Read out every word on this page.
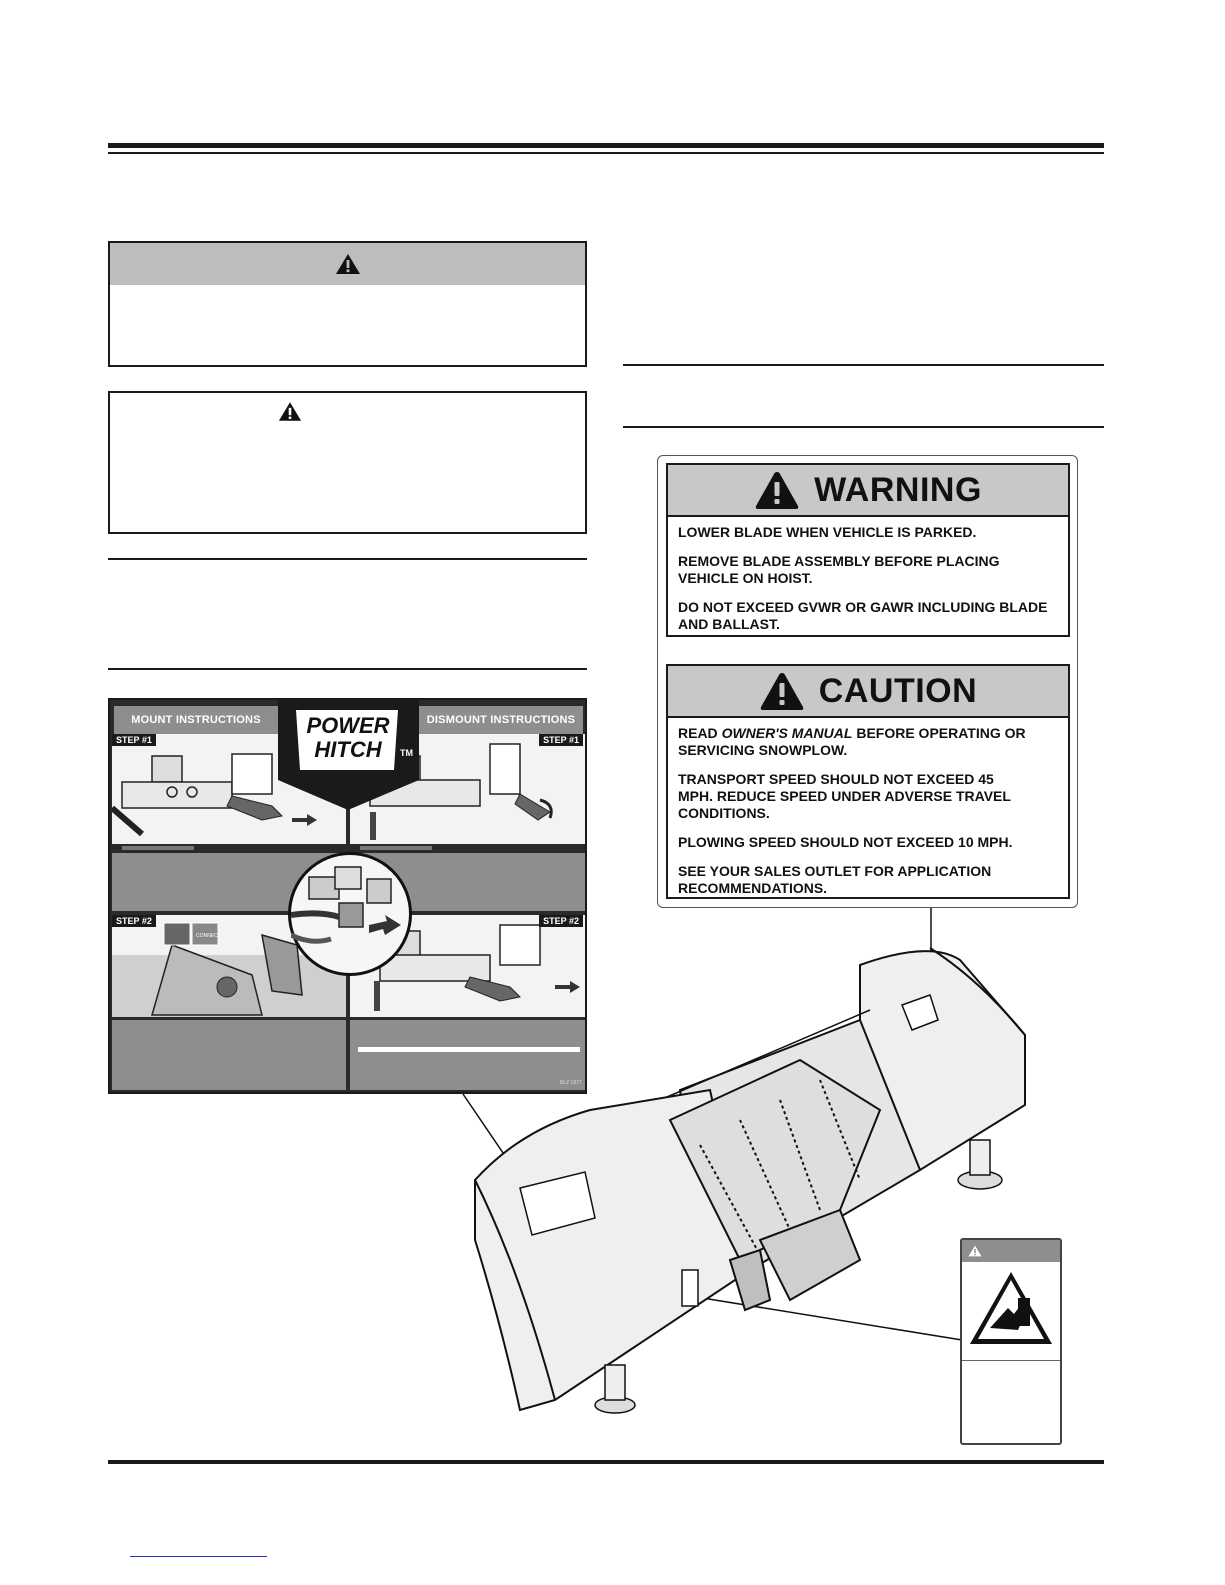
MOUNT INSTRUCTIONS	DISMOUNT INSTRUCTIONS
STEP #1	STEP #1
CONNECT
STEP #2	STEP #2
BLZ 1877
POWER
HITCH	TM
WARNING
LOWER BLADE WHEN VEHICLE IS PARKED.
REMOVE BLADE ASSEMBLY BEFORE PLACING VEHICLE ON HOIST.
DO NOT EXCEED GVWR OR GAWR INCLUDING BLADE AND BALLAST.
CAUTION
READ OWNER'S MANUAL BEFORE OPERATING OR SERVICING SNOWPLOW.
TRANSPORT SPEED SHOULD NOT EXCEED 45 MPH. REDUCE SPEED UNDER ADVERSE TRAVEL CONDITIONS.
PLOWING SPEED SHOULD NOT EXCEED 10 MPH.
SEE YOUR SALES OUTLET FOR APPLICATION RECOMMENDATIONS.
